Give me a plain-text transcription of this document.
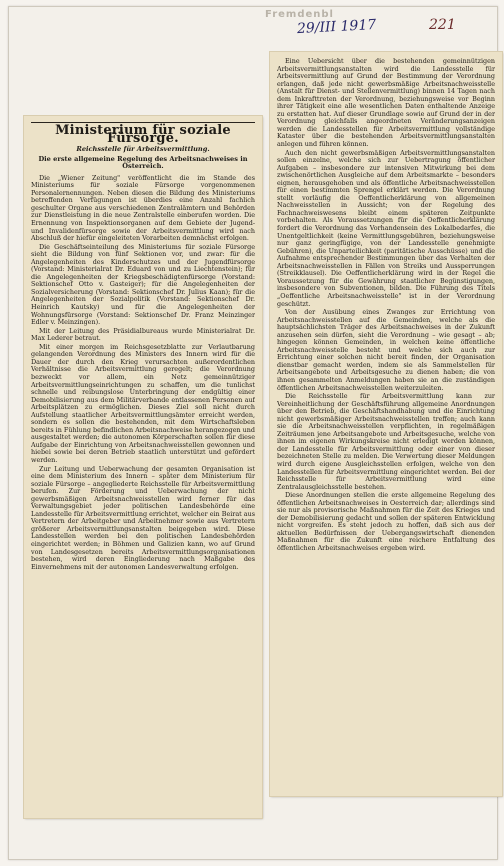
Fremdenbl
29/III 1917	221
Ministerium für soziale Fürsorge.
Reichsstelle für Arbeitsvermittlung.
Die erste allgemeine Regelung des Arbeitsnachweises in Österreich.

Die „Wiener Zeitung" veröffentlicht die im Stande des Ministeriums für soziale Fürsorge vorgenommenen Personalernennungen. Neben diesen die Bildung des Ministeriums betreffenden Verfügungen ist überdies eine Anzahl fachlich geschulter Organe aus verschiedenen Zentralämtern und Behörden zur Dienstleistung in die neue Zentralstelle einberufen worden. Die Ernennung von Inspektionsorganen auf dem Gebiete der Jugend- und Invalidenfürsorge sowie der Arbeitsvermittlung wird nach Abschluß der hiefür eingeleiteten Vorarbeiten demnächst erfolgen.

Die Geschäftseinteilung des Ministeriums für soziale Fürsorge sieht die Bildung von fünf Sektionen vor, und zwar: für die Angelegenheiten des Kinderschutzes und der Jugendfürsorge (Vorstand: Ministerialrat Dr. Eduard von und zu Liechtenstein); für die Angelegenheiten der Kriegsbeschädigtenfürsorge (Vorstand: Sektionschef Otto v. Gasteiger); für die Angelegenheiten der Sozialversicherung (Vorstand: Sektionschef Dr. Julius Kaan); für die Angelegenheiten der Sozialpolitik (Vorstand: Sektionschef Dr. Heinrich Kautsky) und für die Angelegenheiten der Wohnungsfürsorge (Vorstand: Sektionschef Dr. Franz Meinzinger Edler v. Meinzingen).

Mit der Leitung des Präsidialbureaus wurde Ministerialrat Dr. Max Lederer betraut.

Mit einer morgen im Reichsgesetzblatte zur Verlautbarung gelangenden Verordnung des Ministers des Innern wird für die Dauer der durch den Krieg verursachten außerordentlichen Verhältnisse die Arbeitsvermittlung geregelt; die Verordnung bezweckt vor allem, ein Netz gemeinnütziger Arbeitsvermittlungseinrichtungen zu schaffen, um die tunlichst schnelle und reibungslose Unterbringung der endgültig einer Demobilisierung aus dem Militärverbande entlassenen Personen auf Arbeitsplätzen zu ermöglichen. Dieses Ziel soll nicht durch Aufstellung staatlicher Arbeitsvermittlungsämter erreicht werden, sondern es sollen die bestehenden, mit dem Wirtschaftsleben bereits in Fühlung befindlichen Arbeitsnachweise herangezogen und ausgestaltet werden; die autonomen Körperschaften sollen für diese Aufgabe der Einrichtung von Arbeitsnachweisstellen gewonnen und hiebei sowie bei deren Betrieb staatlich unterstützt und gefördert werden.

Zur Leitung und Ueberwachung der gesamten Organisation ist eine dem Ministerium des Innern – später dem Ministerium für soziale Fürsorge – angegliederte Reichsstelle für Arbeitsvermittlung berufen. Zur Förderung und Ueberwachung der nicht gewerbsmäßigen Arbeitsnachweisstellen wird ferner für das Verwaltungsgebiet jeder politischen Landesbehörde eine Landesstelle für Arbeitsvermittlung errichtet, welcher ein Beirat aus Vertretern der Arbeitgeber und Arbeitnehmer sowie aus Vertretern größerer Arbeitsvermittlungsanstalten beigegeben wird. Diese Landesstellen werden bei den politischen Landesbehörden eingerichtet werden; in Böhmen und Galizien kann, wo auf Grund von Landesgesetzen bereits Arbeitsvermittlungsorganisationen bestehen, wird deren Eingliederung nach Maßgabe des Einvernehmens mit der autonomen Landesverwaltung erfolgen.

Eine Uebersicht über die bestehenden gemeinnützigen Arbeitsvermittlungsanstalten wird die Landesstelle für Arbeitsvermittlung auf Grund der Bestimmung der Verordnung erlangen, daß jede nicht gewerbsmäßige Arbeitsnachweisstelle (Anstalt für Dienst- und Stellenvermittlung) binnen 14 Tagen nach dem Inkrafttreten der Verordnung, beziehungsweise vor Beginn ihrer Tätigkeit eine alle wesentlichen Daten enthaltende Anzeige zu erstatten hat. Auf dieser Grundlage sowie auf Grund der in der Verordnung gleichfalls angeordneten Veränderungsanzeigen werden die Landesstellen für Arbeitsvermittlung vollständige Kataster über die bestehenden Arbeitsvermittlungsanstalten anlegen und führen können.

Auch den nicht gewerbsmäßigen Arbeitsvermittlungsanstalten sollen einzelne, welche sich zur Uebertragung öffentlicher Aufgaben – insbesondere zur intensiven Mitwirkung bei dem zwischenörtlichen Ausgleiche auf dem Arbeitsmarkte – besonders eignen, herausgehoben und als öffentliche Arbeitsnachweisstellen für einen bestimmten Sprengel erklärt werden. Die Verordnung stellt vorläufig die Oeffentlicherklärung von allgemeinen Nachweisstellen in Aussicht; von der Regelung des Fachnachweiswesens bleibt einem späteren Zeitpunkte vorbehalten. Als Voraussetzungen für die Oeffentlicherklärung fordert die Verordnung das Vorhandensein des Lokalbedarfes, die Unentgeltlichkeit (keine Vermittlungsgebühren, beziehungsweise nur ganz geringfügige, von der Landesstelle genehmigte Gebühren), die Unparteilichkeit (paritätische Ausschüsse) und die Aufnahme entsprechender Bestimmungen über das Verhalten der Arbeitsnachweisstellen in Fällen von Streiks und Aussperrungen (Streikklausel). Die Oeffentlicherklärung wird in der Regel die Voraussetzung für die Gewährung staatlicher Begünstigungen, insbesondere von Subventionen, bilden. Die Führung des Titels „Oeffentliche Arbeitsnachweisstelle" ist in der Verordnung geschützt.

Von der Ausübung eines Zwanges zur Errichtung von Arbeitsnachweisstellen auf die Gemeinden, welche als die hauptsächlichsten Träger des Arbeitsnachweises in der Zukunft anzusehen sein dürfen, sieht die Verordnung – wie gesagt – ab; hingegen können Gemeinden, in welchen keine öffentliche Arbeitsnachweisstelle besteht und welche sich auch zur Errichtung einer solchen nicht bereit finden, der Organisation dienstbar gemacht werden, indem sie als Sammelstellen für Arbeitsangebote und Arbeitsgesuche zu dienen haben; die von ihnen gesammelten Anmeldungen haben sie an die zuständigen öffentlichen Arbeitsnachweisstellen weiterzuleiten.

Die Reichsstelle für Arbeitsvermittlung kann zur Vereinheitlichung der Geschäftsführung allgemeine Anordnungen über den Betrieb, die Geschäftshandhabung und die Einrichtung nicht gewerbsmäßiger Arbeitsnachweisstellen treffen; auch kann sie die Arbeitsnachweisstellen verpflichten, in regelmäßigen Zeiträumen jene Arbeitsangebote und Arbeitsgesuche, welche von ihnen im eigenen Wirkungskreise nicht erledigt werden können, der Landesstelle für Arbeitsvermittlung oder einer von dieser bezeichneten Stelle zu melden. Die Verwertung dieser Meldungen wird durch eigene Ausgleichsstellen erfolgen, welche von den Landesstellen für Arbeitsvermittlung eingerichtet werden. Bei der Reichsstelle für Arbeitsvermittlung wird eine Zentralausgleichsstelle bestehen.

Diese Anordnungen stellen die erste allgemeine Regelung des öffentlichen Arbeitsnachweises in Oesterreich dar; allerdings sind sie nur als provisorische Maßnahmen für die Zeit des Krieges und der Demobilisierung gedacht und sollen der späteren Entwicklung nicht vorgreifen. Es steht jedoch zu hoffen, daß sich aus der aktuellen Bedürfnissen der Uebergangswirtschaft dienenden Maßnahmen für die Zukunft eine reichere Entfaltung des öffentlichen Arbeitsnachweises ergeben wird.
